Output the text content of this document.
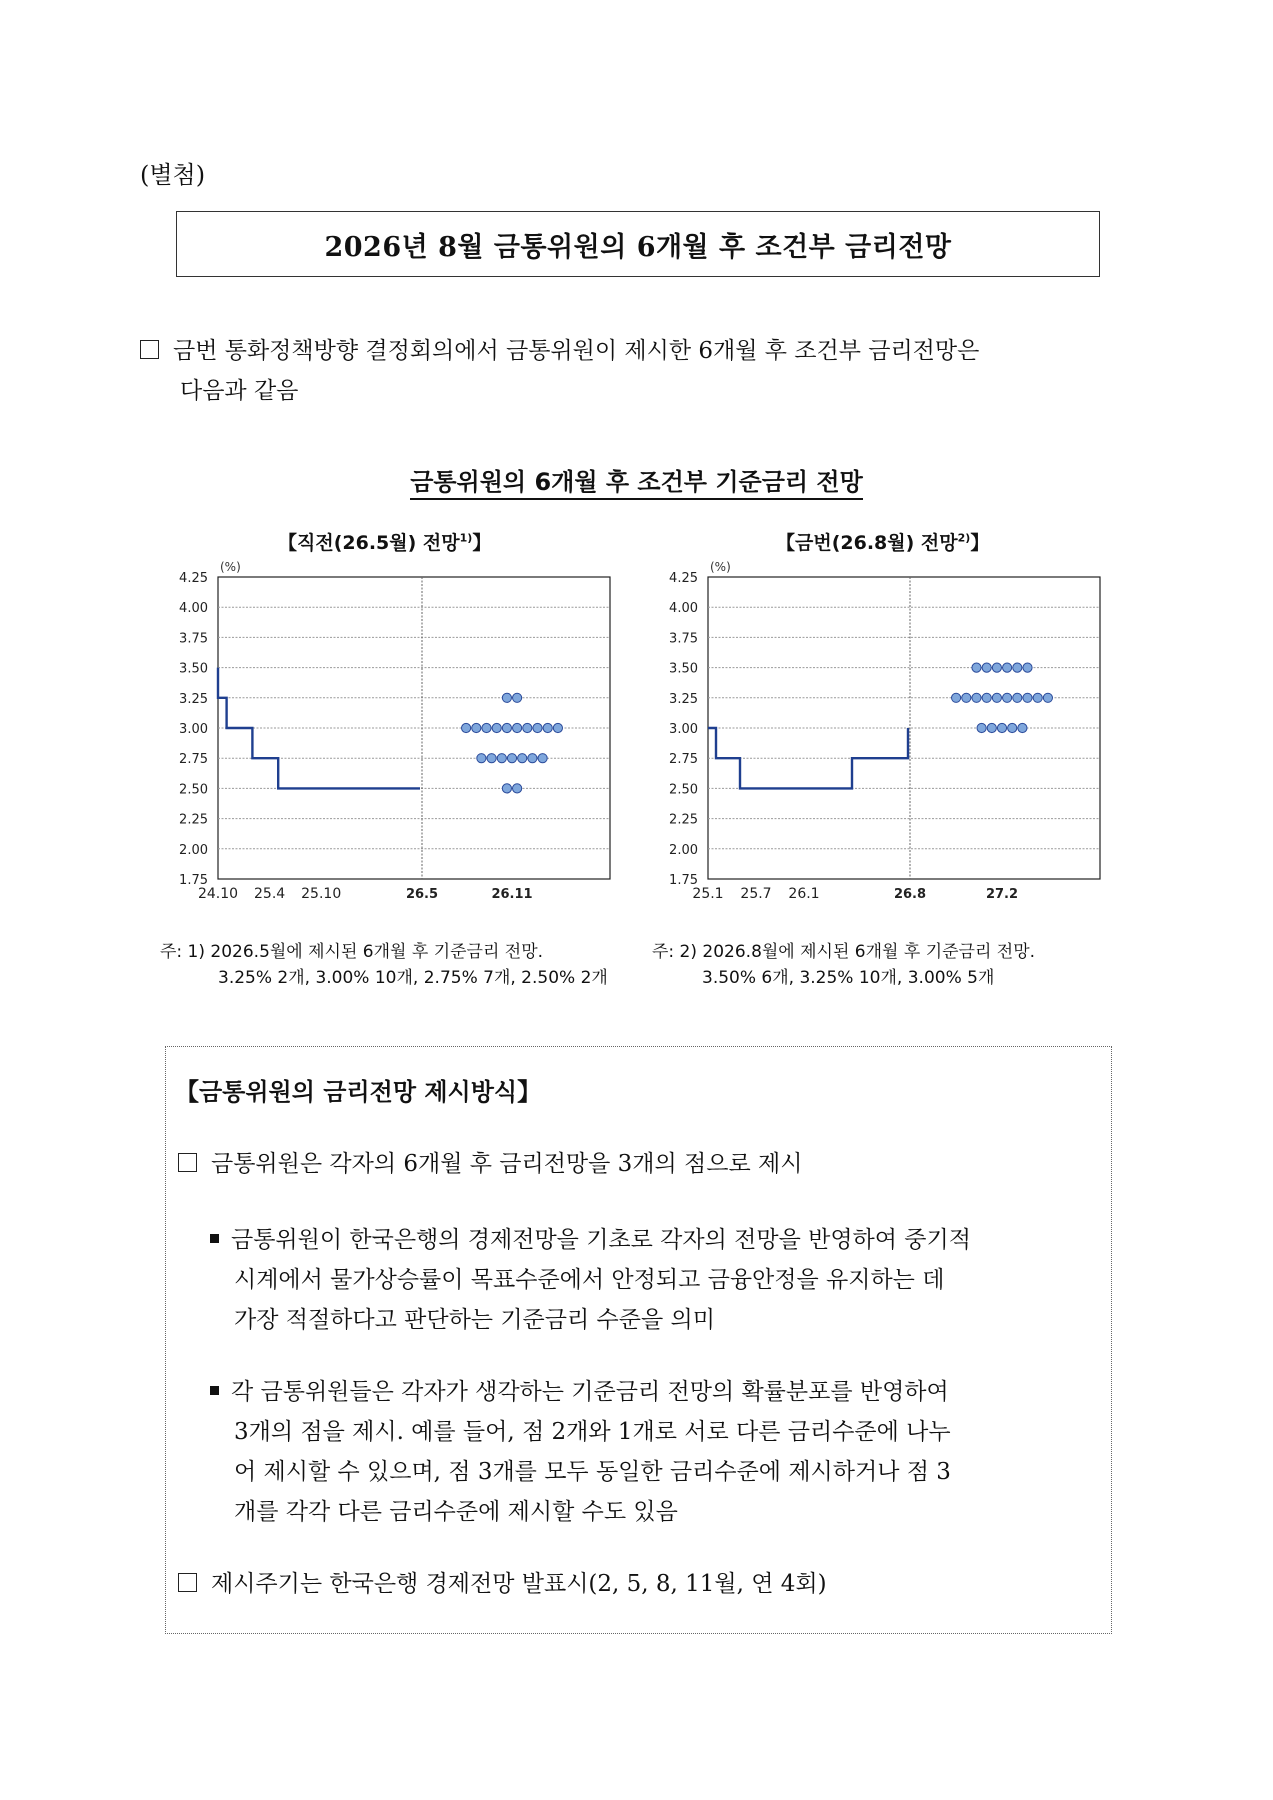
(별첨)
2026년 8월 금통위원의 6개월 후 조건부 금리전망
금번 통화정책방향 결정회의에서 금통위원이 제시한 6개월 후 조건부 금리전망은
다음과 같음
금통위원의 6개월 후 조건부 기준금리 전망
【직전(26.5월) 전망$^{1)}$】	【금번(26.8월) 전망$^{2)}$】
4.25
4.00
3.75
3.50
3.25
3.00
2.75
2.50
2.25
2.00
1.75
(%)
24.10 25.4 25.10	26.5	26.11
4.25
4.00
3.75
3.50
3.25
3.00
2.75
2.50
2.25
2.00
1.75
(%)
25.1 25.7 26.1	26.8	27.2
주: 1) 2026.5월에 제시된 6개월 후 기준금리 전망.
3.25% 2개, 3.00% 10개, 2.75% 7개, 2.50% 2개
주: 2) 2026.8월에 제시된 6개월 후 기준금리 전망.
3.50% 6개, 3.25% 10개, 3.00% 5개
【금통위원의 금리전망 제시방식】
금통위원은 각자의 6개월 후 금리전망을 3개의 점으로 제시
금통위원이 한국은행의 경제전망을 기초로 각자의 전망을 반영하여 중기적
시계에서 물가상승률이 목표수준에서 안정되고 금융안정을 유지하는 데
가장 적절하다고 판단하는 기준금리 수준을 의미
각 금통위원들은 각자가 생각하는 기준금리 전망의 확률분포를 반영하여
3개의 점을 제시. 예를 들어, 점 2개와 1개로 서로 다른 금리수준에 나누
어 제시할 수 있으며, 점 3개를 모두 동일한 금리수준에 제시하거나 점 3
개를 각각 다른 금리수준에 제시할 수도 있음
제시주기는 한국은행 경제전망 발표시(2, 5, 8, 11월, 연 4회)
